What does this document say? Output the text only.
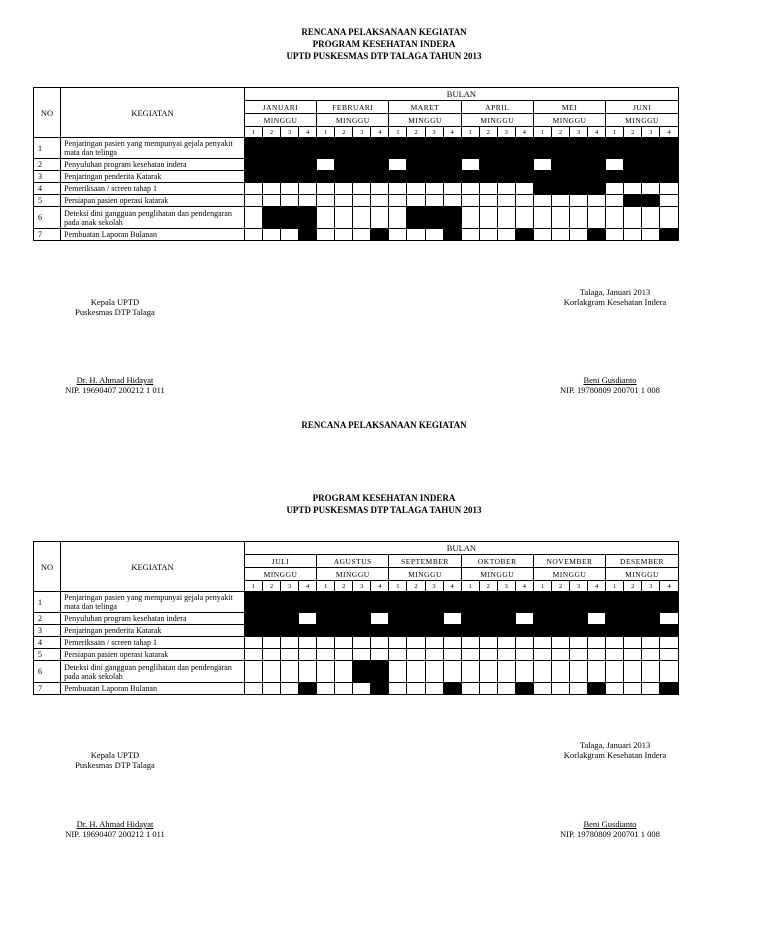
RENCANA PELAKSANAAN KEGIATAN
PROGRAM KESEHATAN INDERA
UPTD PUSKESMAS DTP TALAGA TAHUN 2013
NO	KEGIATAN	BULAN																							
		JANUARI				FEBRUARI				MARET				APRIL				MEI				JUNI			
		MINGGU				MINGGU				MINGGU				MINGGU				MINGGU				MINGGU			
		1	2	3	4	1	2	3	4	1	2	3	4	1	2	3	4	1	2	3	4	1	2	3	4
1	Penjaringan pasien yang mempunyai gejala penyakit mata dan telinga																								
2	Penyuluhan program kesehatan indera																								
3	Penjaringan penderita Katarak																								
4	Pemeriksaan / screen tahap 1																								
5	Persiapan pasien operasi katarak																								
6	Deteksi dini gangguan penglihatan dan pendengaran pada anak sekolah																								
7	Pembuatan Laporan Bulanan																								
Talaga, Januari 2013
Korlakgram Kesehatan Indera
Kepala UPTD
Puskesmas DTP Talaga
Dr. H. Ahmad Hidayat
NIP. 19690407 200212 1 011
Beni Gusdianto
NIP. 19780809 200701 1 008
RENCANA PELAKSANAAN KEGIATAN
PROGRAM KESEHATAN INDERA
UPTD PUSKESMAS DTP TALAGA TAHUN 2013
NO	KEGIATAN	BULAN																							
		JULI				AGUSTUS				SEPTEMBER				OKTOBER				NOVEMBER				DESEMBER			
		MINGGU				MINGGU				MINGGU				MINGGU				MINGGU				MINGGU			
		1	2	3	4	1	2	3	4	1	2	3	4	1	2	3	4	1	2	3	4	1	2	3	4
1	Penjaringan pasien yang mempunyai gejala penyakit mata dan telinga																								
2	Penyuluhan program kesehatan indera																								
3	Penjaringan penderita Katarak																								
4	Pemeriksaan / screen tahap 1																								
5	Persiapan pasien operasi katarak																								
6	Deteksi dini gangguan penglihatan dan pendengaran pada anak sekolah																								
7	Pembuatan Laporan Bulanan																								
Talaga, Januari 2013
Korlakgram Kesehatan Indera
Kepala UPTD
Puskesmas DTP Talaga
Dr. H. Ahmad Hidayat
NIP. 19690407 200212 1 011
Beni Gusdianto
NIP. 19780809 200701 1 008
